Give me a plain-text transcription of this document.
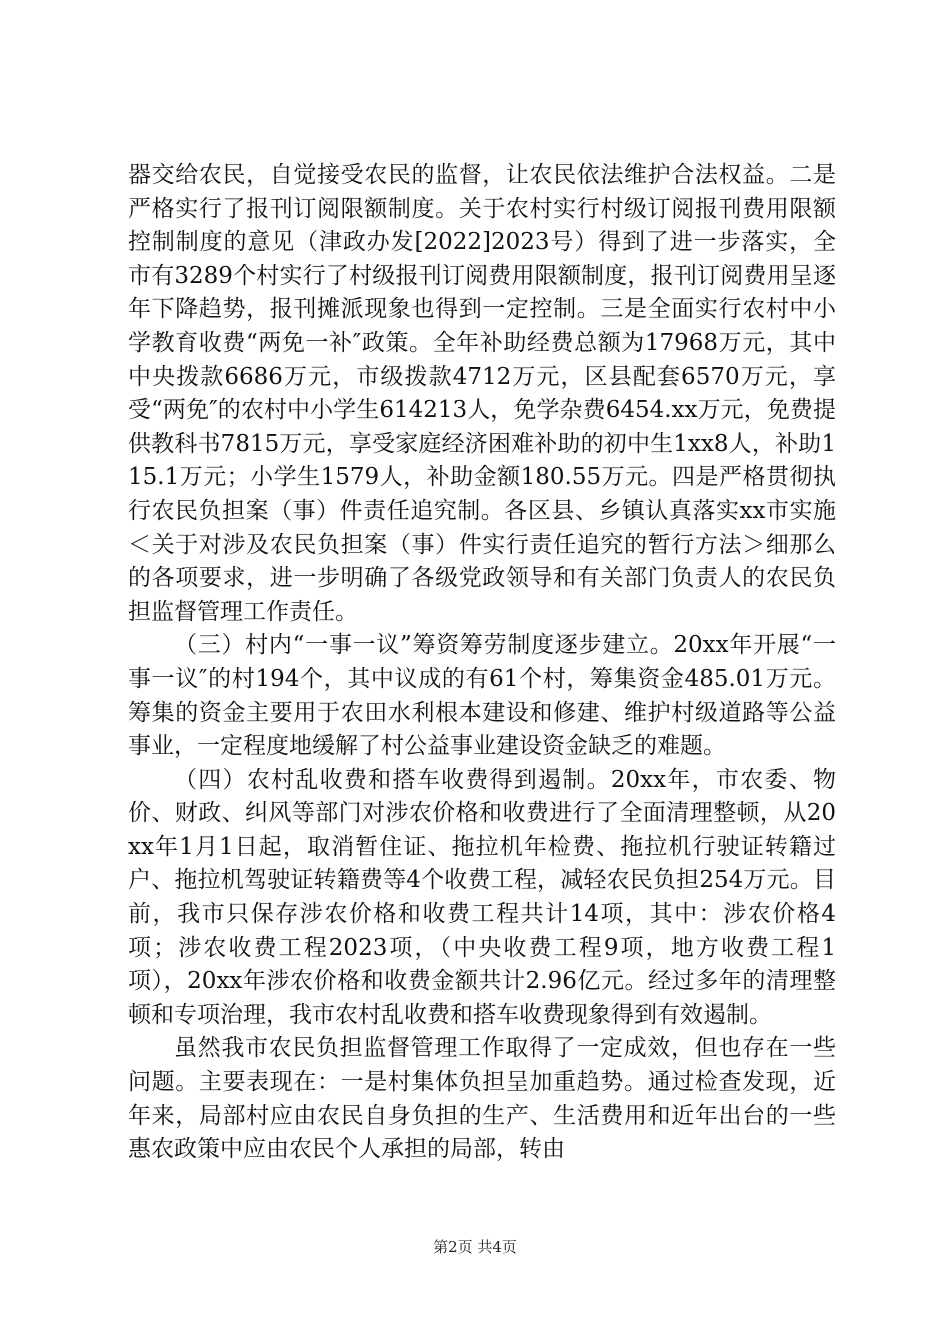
器交给农民，自觉接受农民的监督，让农民依法维护合法权益。二是严格实行了报刊订阅限额制度。关于农村实行村级订阅报刊费用限额控制制度的意见（津政办发[2022]2023号）得到了进一步落实，全市有3289个村实行了村级报刊订阅费用限额制度，报刊订阅费用呈逐年下降趋势，报刊摊派现象也得到一定控制。三是全面实行农村中小学教育收费“两免一补″政策。全年补助经费总额为17968万元，其中中央拨款6686万元，市级拨款4712万元，区县配套6570万元，享受“两免″的农村中小学生614213人，免学杂费6454.xx万元，免费提供教科书7815万元，享受家庭经济困难补助的初中生1xx8人，补助115.1万元；小学生1579人，补助金额180.55万元。四是严格贯彻执行农民负担案（事）件责任追究制。各区县、乡镇认真落实xx市实施＜关于对涉及农民负担案（事）件实行责任追究的暂行方法＞细那么的各项要求，进一步明确了各级党政领导和有关部门负责人的农民负担监督管理工作责任。

（三）村内“一事一议”筹资筹劳制度逐步建立。20xx年开展“一事一议″的村194个，其中议成的有61个村，筹集资金485.01万元。筹集的资金主要用于农田水利根本建设和修建、维护村级道路等公益事业，一定程度地缓解了村公益事业建设资金缺乏的难题。

（四）农村乱收费和搭车收费得到遏制。20xx年，市农委、物价、财政、纠风等部门对涉农价格和收费进行了全面清理整顿，从20xx年1月1日起，取消暂住证、拖拉机年检费、拖拉机行驶证转籍过户、拖拉机驾驶证转籍费等4个收费工程，减轻农民负担254万元。目前，我市只保存涉农价格和收费工程共计14项，其中：涉农价格4项；涉农收费工程2023项，（中央收费工程9项，地方收费工程1项），20xx年涉农价格和收费金额共计2.96亿元。经过多年的清理整顿和专项治理，我市农村乱收费和搭车收费现象得到有效遏制。

虽然我市农民负担监督管理工作取得了一定成效，但也存在一些问题。主要表现在：一是村集体负担呈加重趋势。通过检查发现，近年来，局部村应由农民自身负担的生产、生活费用和近年出台的一些惠农政策中应由农民个人承担的局部，转由

第2页 共4页
